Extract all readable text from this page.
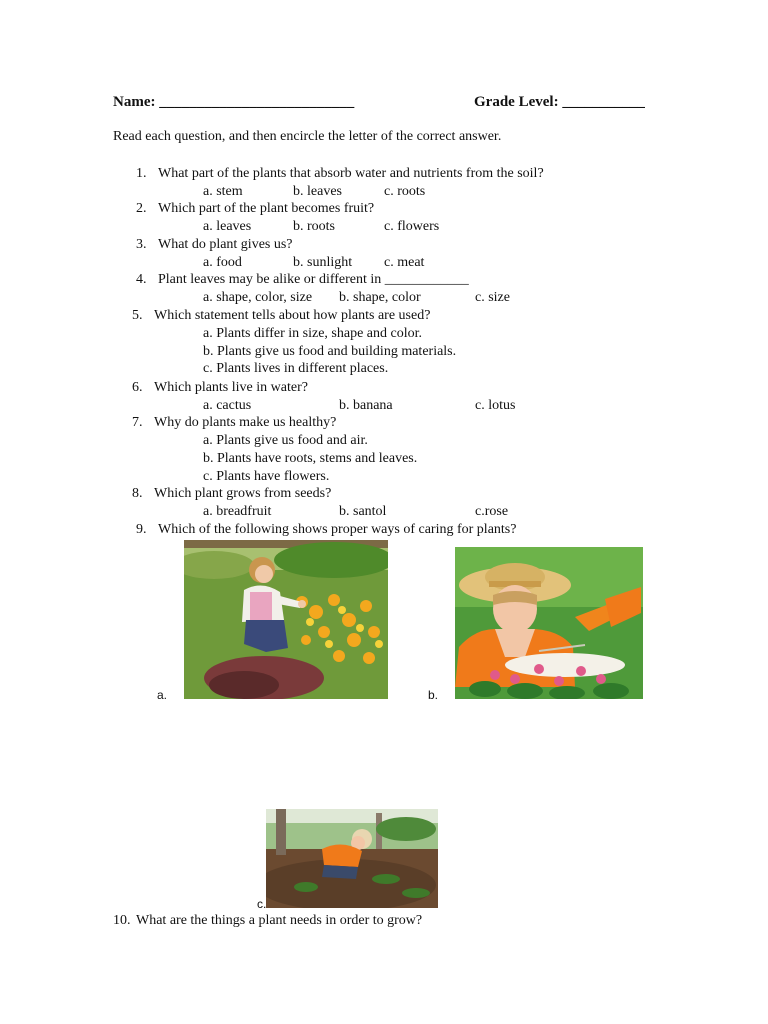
Name: __________________________	Grade Level: ___________
Read each question, and then encircle the letter of the correct answer.
1. What part of the plants that absorb water and nutrients from the soil?
a. stem	b. leaves	c. roots
2. Which part of the plant becomes fruit?
a. leaves	b. roots	c. flowers
3. What do plant gives us?
a. food	b. sunlight c. meat
4. Plant leaves may be alike or different in ____________
a. shape, color, size b. shape, color	c. size
5. Which statement tells about how plants are used?
a. Plants differ in size, shape and color.
b. Plants give us food and building materials.
c. Plants lives in different places.
6. Which plants live in water?
a. cactus	b. banana	c. lotus
7. Why do plants make us healthy?
a. Plants give us food and air.
b. Plants have roots, stems and leaves.
c. Plants have flowers.
8. Which plant grows from seeds?
a. breadfruit	b. santol	c.rose
9. Which of the following shows proper ways of caring for plants?
a.	b.
c.
10. What are the things a plant needs in order to grow?
